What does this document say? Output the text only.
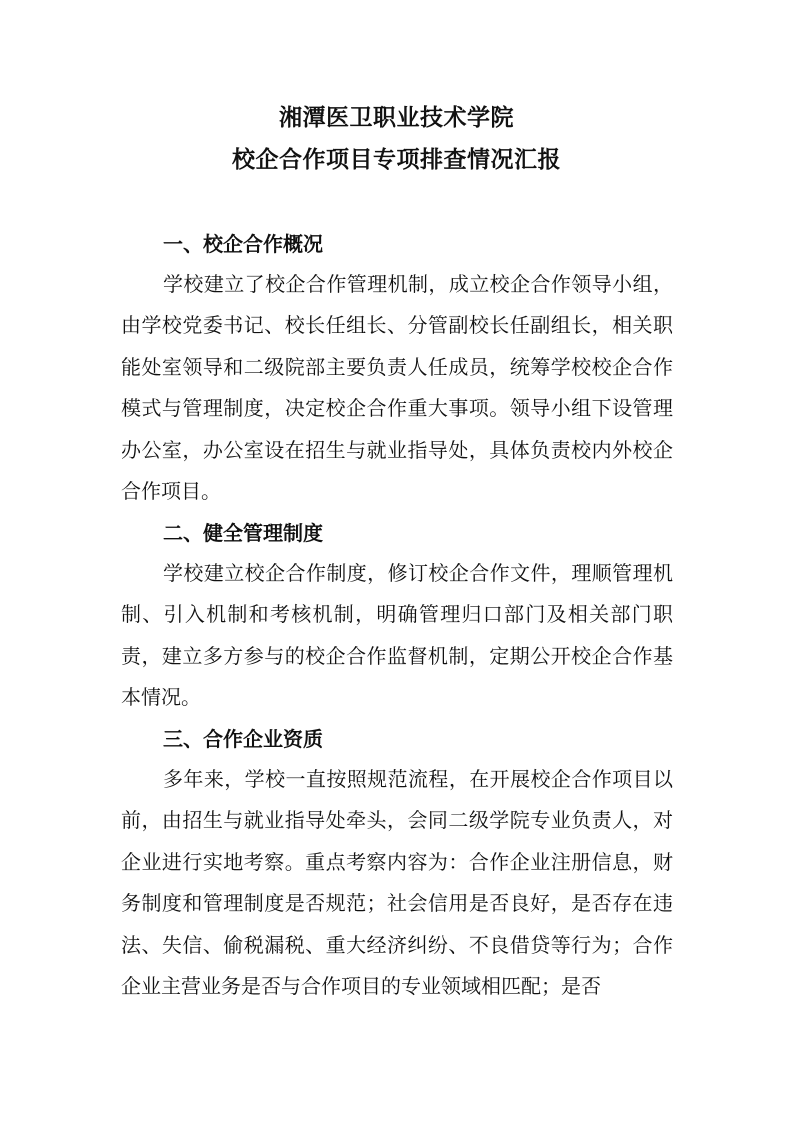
湘潭医卫职业技术学院
校企合作项目专项排查情况汇报
一、校企合作概况

学校建立了校企合作管理机制，成立校企合作领导小组，由学校党委书记、校长任组长、分管副校长任副组长，相关职能处室领导和二级院部主要负责人任成员，统筹学校校企合作模式与管理制度，决定校企合作重大事项。领导小组下设管理办公室，办公室设在招生与就业指导处，具体负责校内外校企合作项目。

二、健全管理制度

学校建立校企合作制度，修订校企合作文件，理顺管理机制、引入机制和考核机制，明确管理归口部门及相关部门职责，建立多方参与的校企合作监督机制，定期公开校企合作基本情况。

三、合作企业资质

多年来，学校一直按照规范流程，在开展校企合作项目以前，由招生与就业指导处牵头，会同二级学院专业负责人，对企业进行实地考察。重点考察内容为：合作企业注册信息，财务制度和管理制度是否规范；社会信用是否良好，是否存在违法、失信、偷税漏税、重大经济纠纷、不良借贷等行为；合作企业主营业务是否与合作项目的专业领域相匹配；是否
